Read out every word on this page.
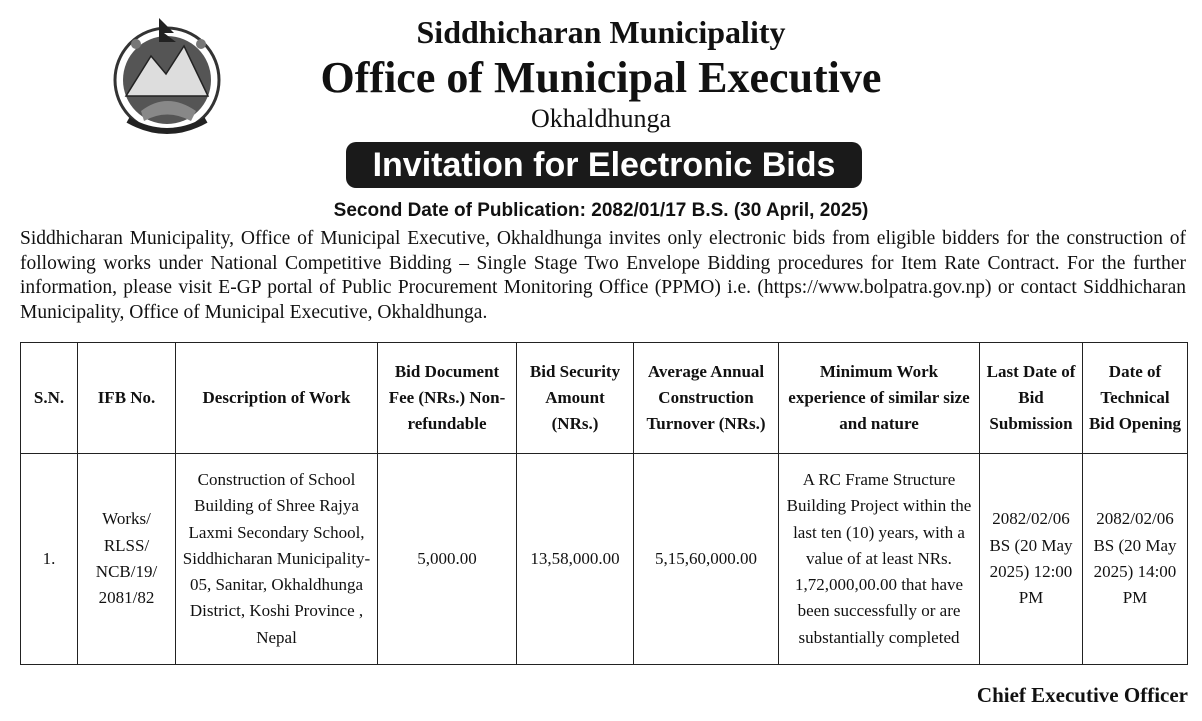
Siddhicharan Municipality
Office of Municipal Executive
Okhaldhunga
Invitation for Electronic Bids
Second Date of Publication: 2082/01/17 B.S. (30 April, 2025)
Siddhicharan Municipality, Office of Municipal Executive, Okhaldhunga invites only electronic bids from eligible bidders for the construction of following works under National Competitive Bidding – Single Stage Two Envelope Bidding procedures for Item Rate Contract. For the further information, please visit E-GP portal of Public Procurement Monitoring Office (PPMO) i.e. (https://www.bolpatra.gov.np) or contact Siddhicharan Municipality, Office of Municipal Executive, Okhaldhunga.
S.N.	IFB No.	Description of Work	Bid Document Fee (NRs.) Non-refundable	Bid Security Amount (NRs.)	Average Annual Construction Turnover (NRs.)	Minimum Work experience of similar size and nature	Last Date of Bid Submission	Date of Technical Bid Opening
1.	Works/ RLSS/ NCB/19/ 2081/82	Construction of School Building of Shree Rajya Laxmi Secondary School, Siddhicharan Municipality-05, Sanitar, Okhaldhunga District, Koshi Province , Nepal	5,000.00	13,58,000.00	5,15,60,000.00	A RC Frame Structure Building Project within the last ten (10) years, with a value of at least NRs. 1,72,000,00.00 that have been successfully or are substantially completed	2082/02/06 BS (20 May 2025) 12:00 PM	2082/02/06 BS (20 May 2025) 14:00 PM
Chief Executive Officer
